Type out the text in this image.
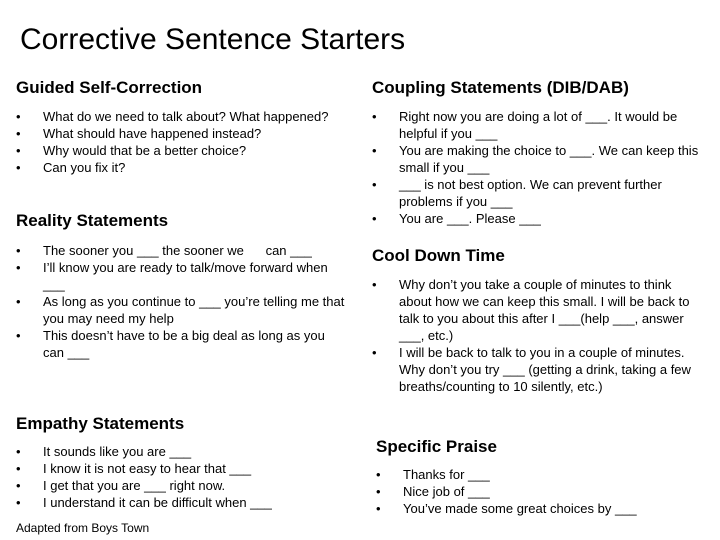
Corrective Sentence Starters
Guided Self-Correction
• What do we need to talk about? What happened?
• What should have happened instead?
• Why would that be a better choice?
• Can you fix it?
Reality Statements
• The sooner you ___ the sooner we      can ___
• I’ll know you are ready to talk/move forward when ___
• As long as you continue to ___ you’re telling me that you may need my help
• This doesn’t have to be a big deal as long as you can ___
Coupling Statements (DIB/DAB)
• Right now you are doing a lot of ___. It would be helpful if you ___
• You are making the choice to ___. We can keep this small if you ___
• ___ is not best option. We can prevent further problems if you ___
• You are ___. Please ___
Cool Down Time
• Why don’t you take a couple of minutes to think about how we can keep this small. I will be back to talk to you about this after I ___(help ___, answer ___, etc.)
• I will be back to talk to you in a couple of minutes. Why don’t you try ___ (getting a drink, taking a few breaths/counting to 10 silently, etc.)
Empathy Statements
• It sounds like you are ___
• I know it is not easy to hear that ___
• I get that you are ___ right now.
• I understand it can be difficult when ___
Specific Praise
• Thanks for ___
• Nice job of ___
• You’ve made some great choices by ___
Adapted from Boys Town
